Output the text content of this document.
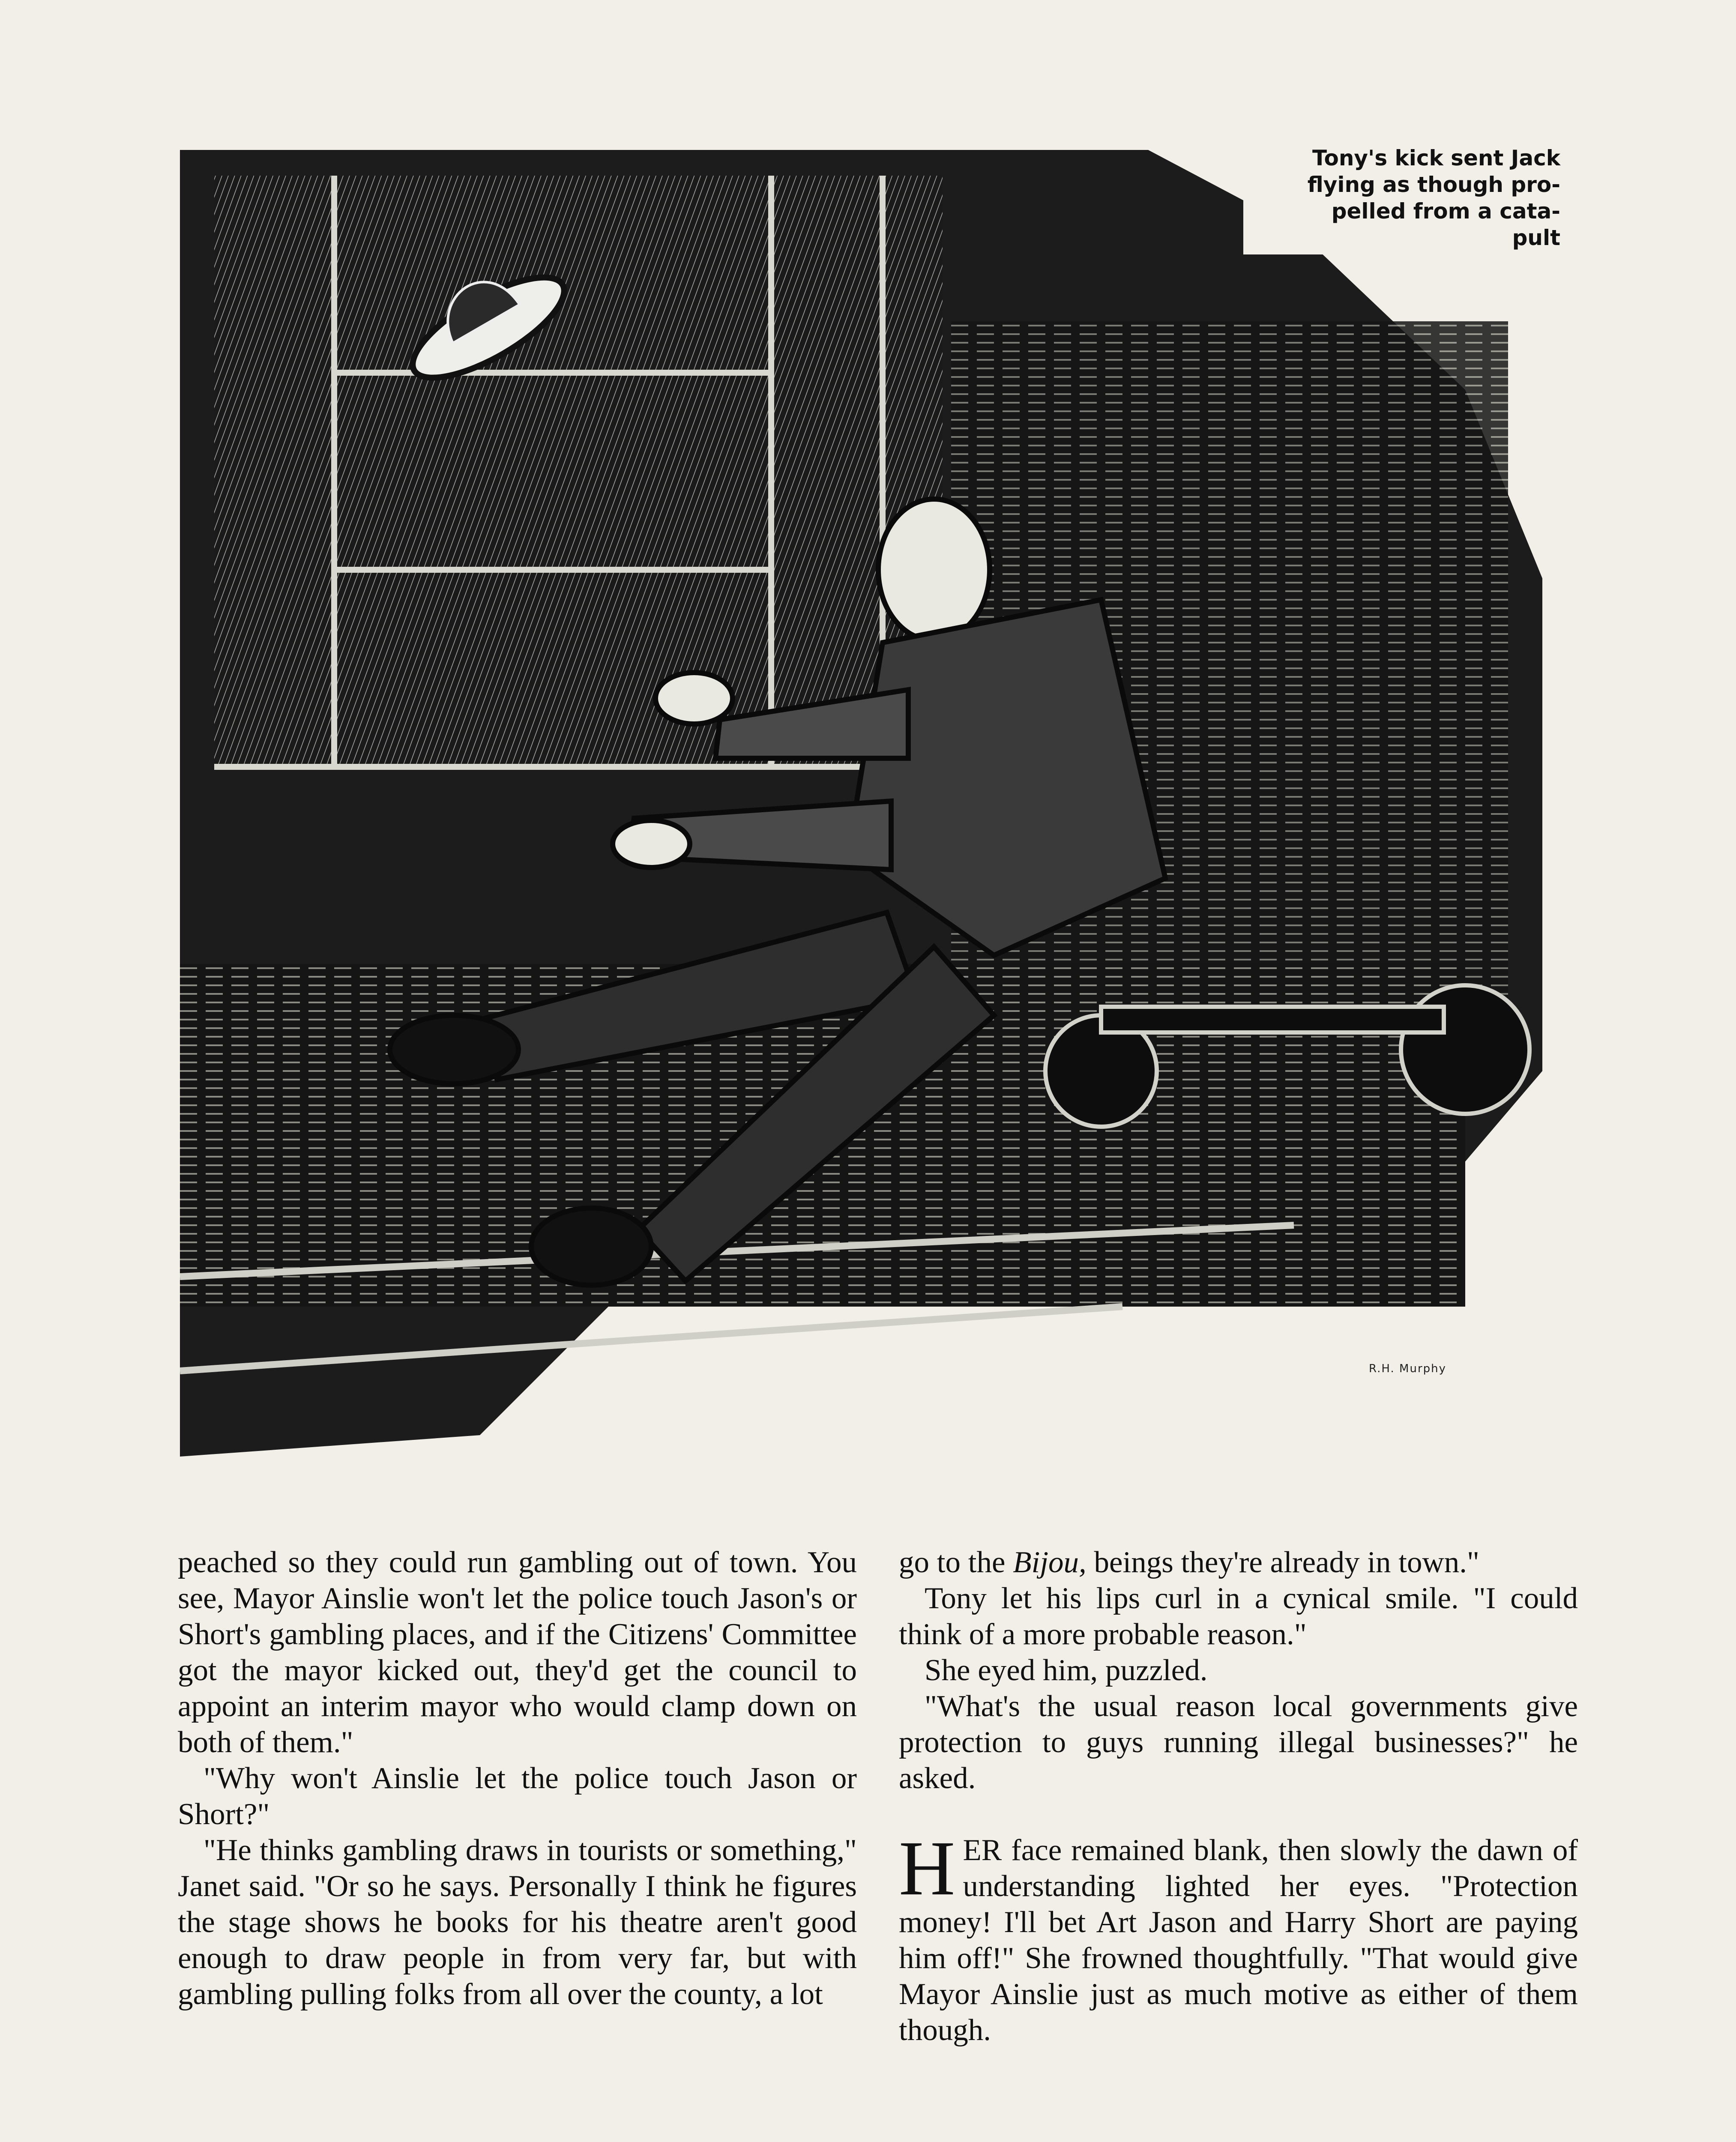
Tony's kick sent Jack
flying as though pro-
pelled from a cata-
pult
R.H. Murphy

peached so they could run gambling out of town. You see, Mayor Ainslie won't let the police touch Jason's or Short's gambling places, and if the Citizens' Committee got the mayor kicked out, they'd get the council to appoint an interim mayor who would clamp down on both of them."

"Why won't Ainslie let the police touch Jason or Short?"

"He thinks gambling draws in tourists or something," Janet said. "Or so he says. Personally I think he figures the stage shows he books for his theatre aren't good enough to draw people in from very far, but with gambling pulling folks from all over the county, a lot

go to the Bijou, beings they're already in town."

Tony let his lips curl in a cynical smile. "I could think of a more probable reason."

She eyed him, puzzled.

"What's the usual reason local governments give protection to guys running illegal businesses?" he asked.

HER face remained blank, then slowly the dawn of understanding lighted her eyes. "Protection money! I'll bet Art Jason and Harry Short are paying him off!" She frowned thoughtfully. "That would give Mayor Ainslie just as much motive as either of them though.
